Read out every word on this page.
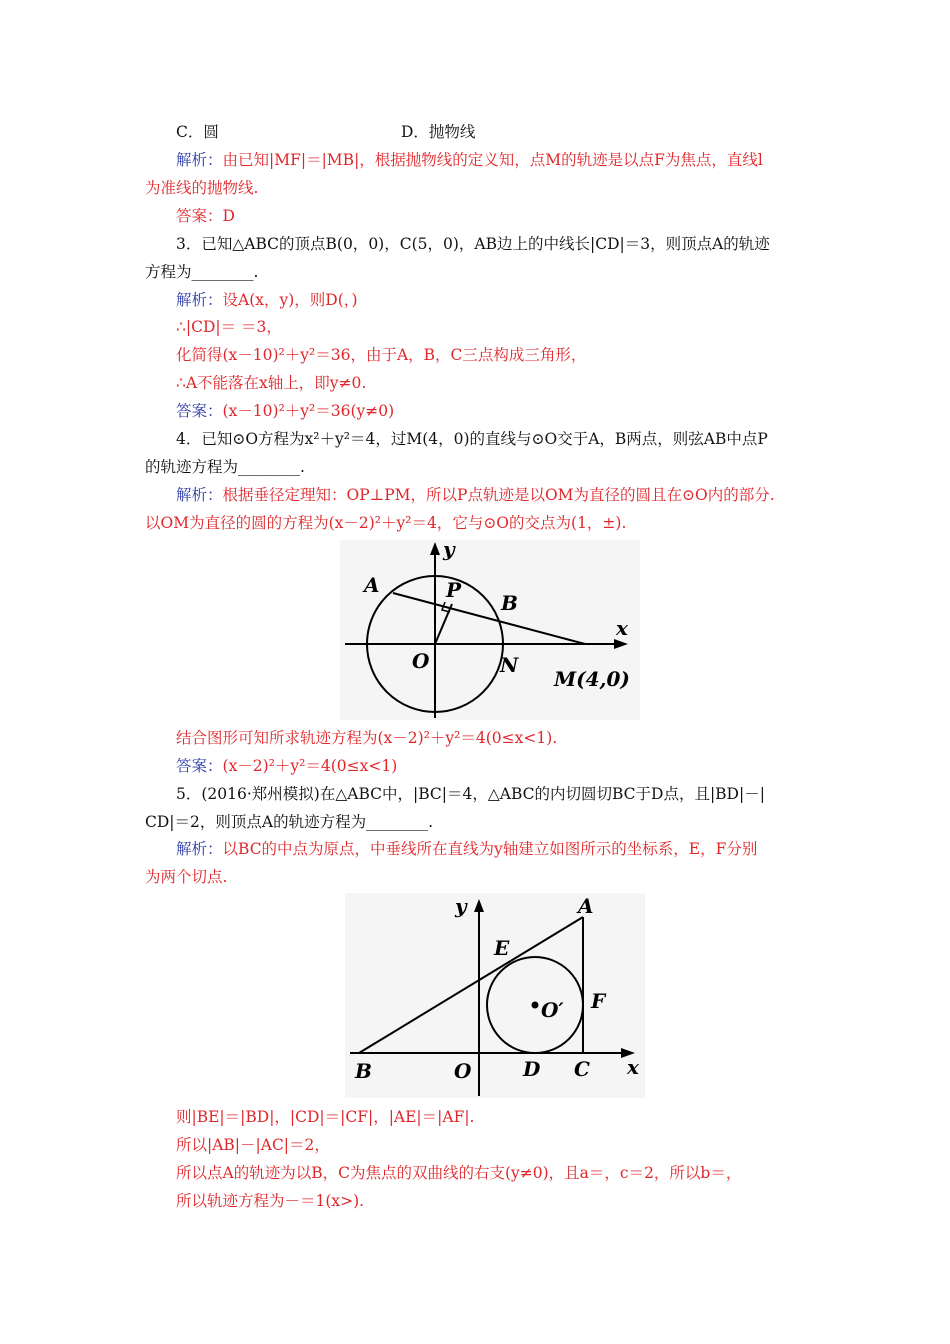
C．圆	D．抛物线
解析：由已知|MF|＝|MB|，根据抛物线的定义知，点M的轨迹是以点F为焦点，直线l
为准线的抛物线.
答案：D
3．已知△ABC的顶点B(0，0)，C(5，0)，AB边上的中线长|CD|＝3，则顶点A的轨迹
方程为________.
解析：设A(x，y)，则D(，)
∴|CD|＝ ＝3，
化简得(x－10)²＋y²＝36，由于A，B，C三点构成三角形，
∴A不能落在x轴上，即y≠0.
答案：(x－10)²＋y²＝36(y≠0)
4．已知⊙O方程为x²＋y²＝4，过M(4，0)的直线与⊙O交于A，B两点，则弦AB中点P
的轨迹方程为________.
解析：根据垂径定理知：OP⊥PM，所以P点轨迹是以OM为直径的圆且在⊙O内的部分.
以OM为直径的圆的方程为(x－2)²＋y²＝4，它与⊙O的交点为(1，±).
y
A	P
B
x
O	N
M(4,0)
结合图形可知所求轨迹方程为(x－2)²＋y²＝4(0≤x<1).
答案：(x－2)²＋y²＝4(0≤x<1)
5．(2016·郑州模拟)在△ABC中，|BC|＝4，△ABC的内切圆切BC于D点，且|BD|－|
CD|＝2，则顶点A的轨迹方程为________.
解析：以BC的中点为原点，中垂线所在直线为y轴建立如图所示的坐标系，E，F分别
为两个切点.
y	A
E
O′ F
B	O	D C x
则|BE|＝|BD|，|CD|＝|CF|，|AE|＝|AF|.
所以|AB|－|AC|＝2，
所以点A的轨迹为以B，C为焦点的双曲线的右支(y≠0)，且a＝，c＝2，所以b＝，
所以轨迹方程为－＝1(x>).
